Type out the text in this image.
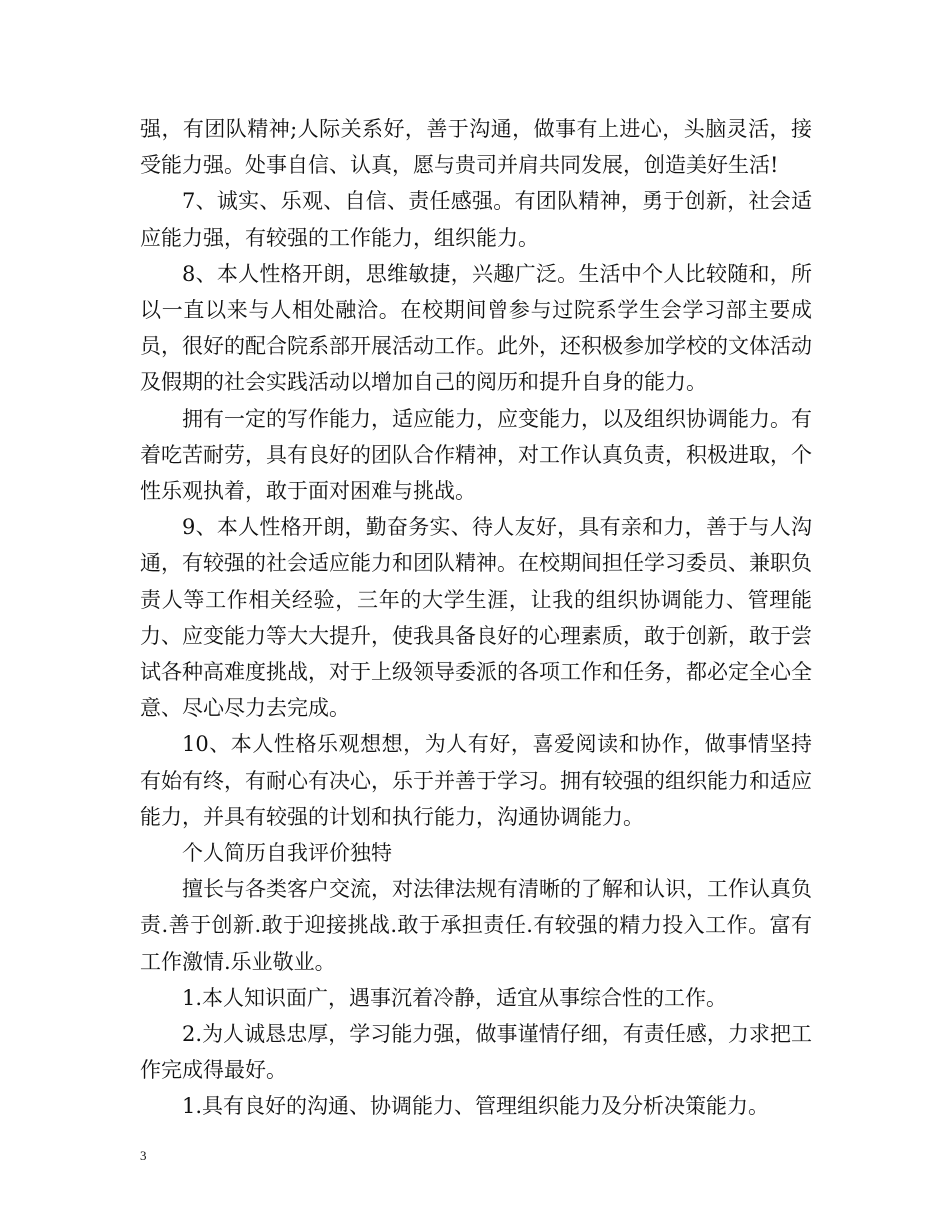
强，有团队精神;人际关系好，善于沟通，做事有上进心，头脑灵活，接受能力强。处事自信、认真，愿与贵司并肩共同发展，创造美好生活!

7、诚实、乐观、自信、责任感强。有团队精神，勇于创新，社会适应能力强，有较强的工作能力，组织能力。

8、本人性格开朗，思维敏捷，兴趣广泛。生活中个人比较随和，所以一直以来与人相处融洽。在校期间曾参与过院系学生会学习部主要成员，很好的配合院系部开展活动工作。此外，还积极参加学校的文体活动及假期的社会实践活动以增加自己的阅历和提升自身的能力。

拥有一定的写作能力，适应能力，应变能力，以及组织协调能力。有着吃苦耐劳，具有良好的团队合作精神，对工作认真负责，积极进取，个性乐观执着，敢于面对困难与挑战。

9、本人性格开朗，勤奋务实、待人友好，具有亲和力，善于与人沟通，有较强的社会适应能力和团队精神。在校期间担任学习委员、兼职负责人等工作相关经验，三年的大学生涯，让我的组织协调能力、管理能力、应变能力等大大提升，使我具备良好的心理素质，敢于创新，敢于尝试各种高难度挑战，对于上级领导委派的各项工作和任务，都必定全心全意、尽心尽力去完成。

10、本人性格乐观想想，为人有好，喜爱阅读和协作，做事情坚持有始有终，有耐心有决心，乐于并善于学习。拥有较强的组织能力和适应能力，并具有较强的计划和执行能力，沟通协调能力。

个人简历自我评价独特

擅长与各类客户交流，对法律法规有清晰的了解和认识，工作认真负责.善于创新.敢于迎接挑战.敢于承担责任.有较强的精力投入工作。富有工作激情.乐业敬业。

1.本人知识面广，遇事沉着冷静，适宜从事综合性的工作。

2.为人诚恳忠厚，学习能力强，做事谨情仔细，有责任感，力求把工作完成得最好。

1.具有良好的沟通、协调能力、管理组织能力及分析决策能力。

3
